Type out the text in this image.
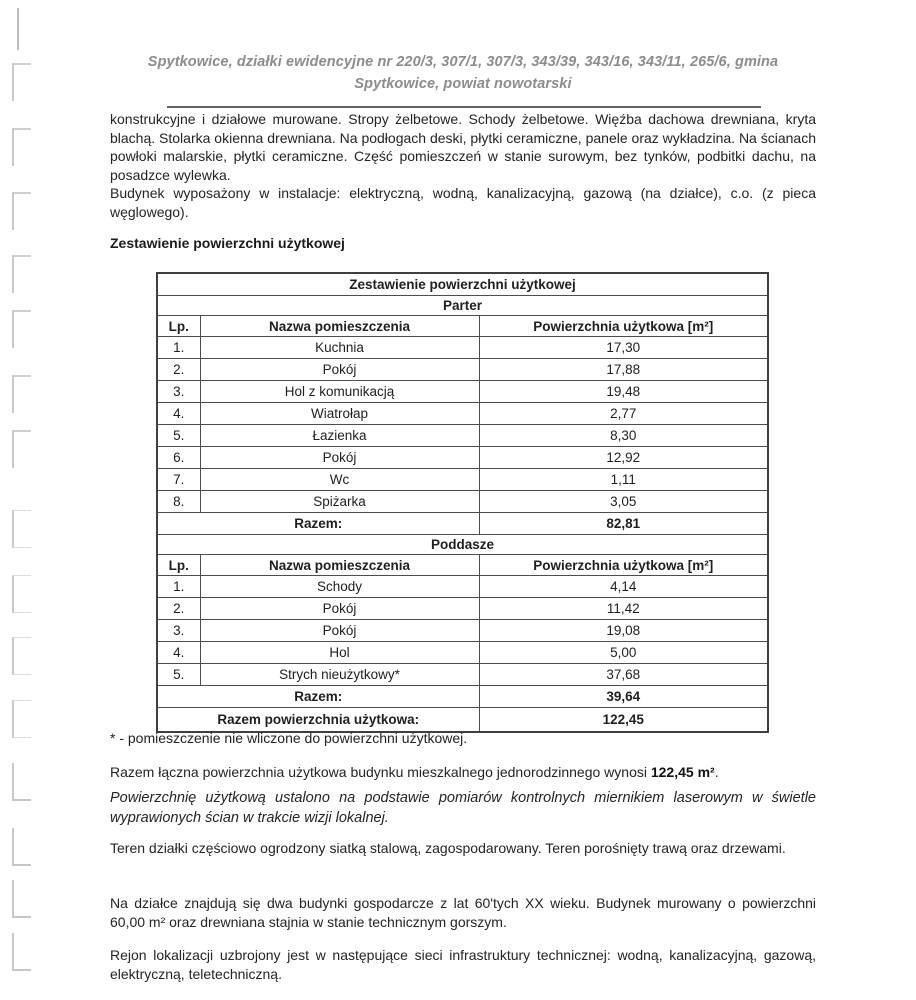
Spytkowice, działki ewidencyjne nr 220/3, 307/1, 307/3, 343/39, 343/16, 343/11, 265/6, gmina
Spytkowice, powiat nowotarski

konstrukcyjne i działowe murowane. Stropy żelbetowe. Schody żelbetowe. Więźba dachowa drewniana, kryta blachą. Stolarka okienna drewniana. Na podłogach deski, płytki ceramiczne, panele oraz wykładzina. Na ścianach powłoki malarskie, płytki ceramiczne. Część pomieszczeń w stanie surowym, bez tynków, podbitki dachu, na posadzce wylewka.

Budynek wyposażony w instalacje: elektryczną, wodną, kanalizacyjną, gazową (na działce), c.o. (z pieca węglowego).

Zestawienie powierzchni użytkowej
Zestawienie powierzchni użytkowej		
Parter		
Lp.	Nazwa pomieszczenia	Powierzchnia użytkowa [m²]
1.	Kuchnia	17,30
2.	Pokój	17,88
3.	Hol z komunikacją	19,48
4.	Wiatrołap	2,77
5.	Łazienka	8,30
6.	Pokój	12,92
7.	Wc	1,11
8.	Spiżarka	3,05
Razem:		82,81
Poddasze		
Lp.	Nazwa pomieszczenia	Powierzchnia użytkowa [m²]
1.	Schody	4,14
2.	Pokój	11,42
3.	Pokój	19,08
4.	Hol	5,00
5.	Strych nieużytkowy*	37,68
Razem:		39,64
Razem powierzchnia użytkowa:		122,45
* - pomieszczenie nie wliczone do powierzchni użytkowej.
Razem łączna powierzchnia użytkowa budynku mieszkalnego jednorodzinnego wynosi 122,45 m².
Powierzchnię użytkową ustalono na podstawie pomiarów kontrolnych miernikiem laserowym w świetle wyprawionych ścian w trakcie wizji lokalnej.
Teren działki częściowo ogrodzony siatką stalową, zagospodarowany. Teren porośnięty trawą oraz drzewami.
Na działce znajdują się dwa budynki gospodarcze z lat 60'tych XX wieku. Budynek murowany o powierzchni 60,00 m² oraz drewniana stajnia w stanie technicznym gorszym.
Rejon lokalizacji uzbrojony jest w następujące sieci infrastruktury technicznej: wodną, kanalizacyjną, gazową, elektryczną, teletechniczną.
